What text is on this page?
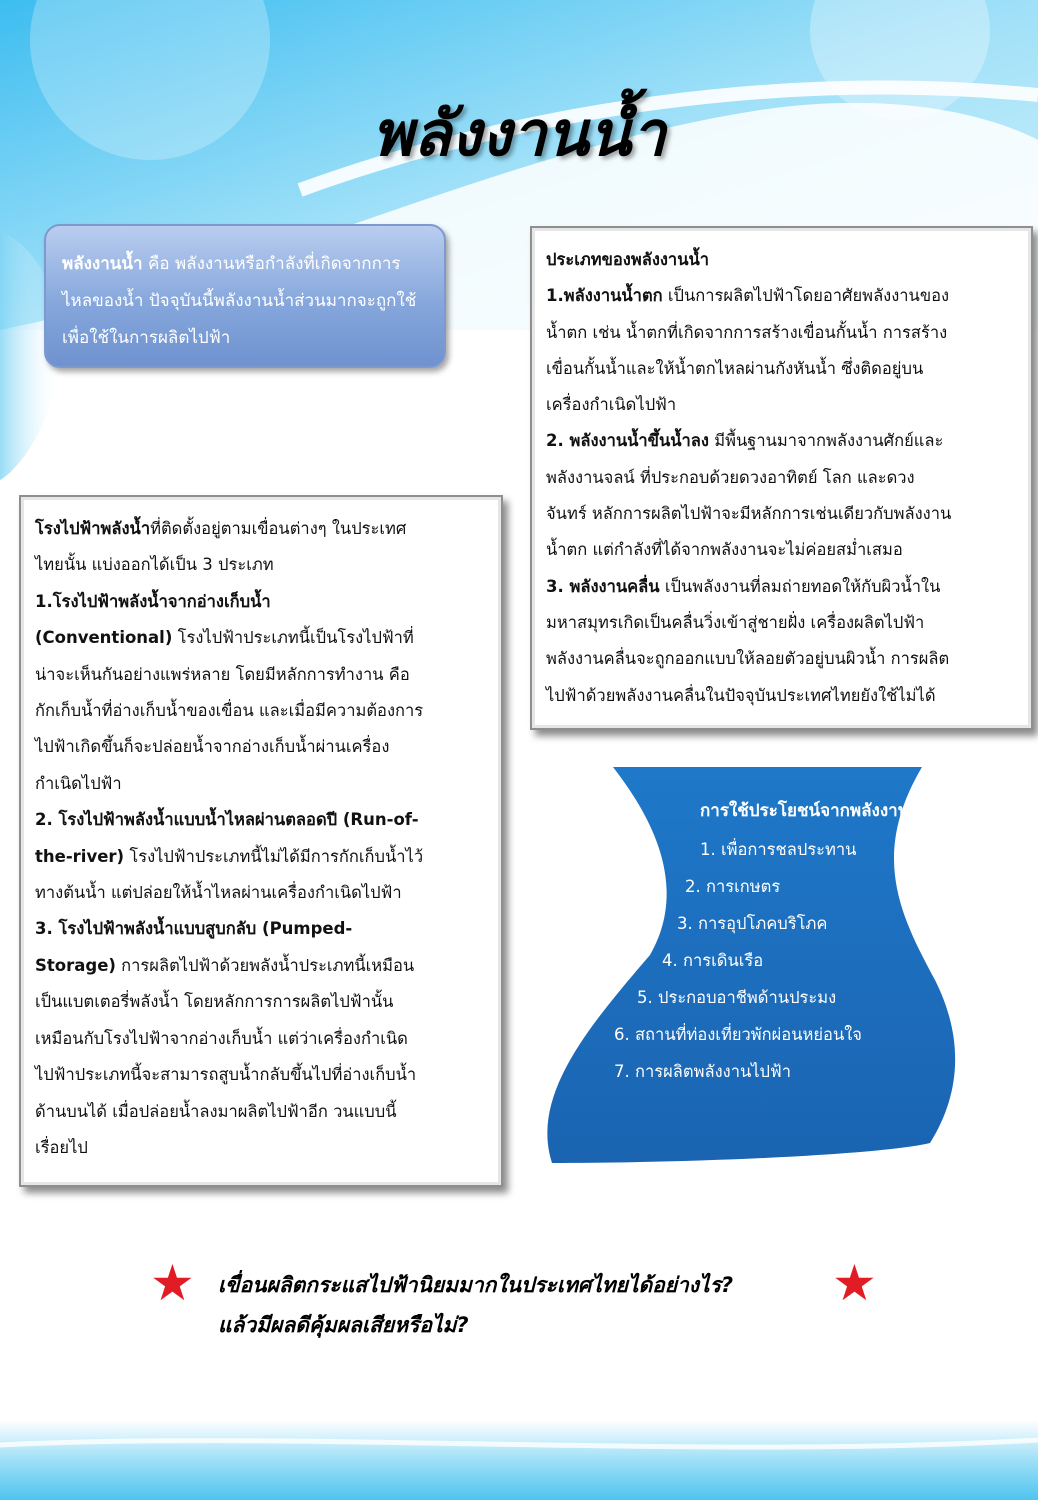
พลังงานน้ำ
พลังงานน้ำ คือ พลังงานหรือกำลังที่เกิดจากการไหลของน้ำ ปัจจุบันนี้พลังงานน้ำส่วนมากจะถูกใช้เพื่อใช้ในการผลิตไปฟ้า
ประเภทของพลังงานน้ำ
1.พลังงานน้ำตก เป็นการผลิตไปฟ้าโดยอาศัยพลังงานของ
น้ำตก เช่น น้ำตกที่เกิดจากการสร้างเขื่อนกั้นน้ำ การสร้าง
เขื่อนกั้นน้ำและให้น้ำตกไหลผ่านกังหันน้ำ ซึ่งติดอยู่บน
เครื่องกำเนิดไปฟ้า
2. พลังงานน้ำขึ้นน้ำลง มีพื้นฐานมาจากพลังงานศักย์และ
พลังงานจลน์ ที่ประกอบด้วยดวงอาทิตย์ โลก และดวง
จันทร์ หลักการผลิตไปฟ้าจะมีหลักการเช่นเดียวกับพลังงาน
น้ำตก แต่กำลังที่ได้จากพลังงานจะไม่ค่อยสม่ำเสมอ
3. พลังงานคลื่น เป็นพลังงานที่ลมถ่ายทอดให้กับผิวน้ำใน
มหาสมุทรเกิดเป็นคลื่นวิ่งเข้าสู่ชายฝั่ง เครื่องผลิตไปฟ้า
พลังงานคลื่นจะถูกออกแบบให้ลอยตัวอยู่บนผิวน้ำ การผลิต
ไปฟ้าด้วยพลังงานคลื่นในปัจจุบันประเทศไทยยังใช้ไม่ได้
โรงไปฟ้าพลังน้ำที่ติดตั้งอยู่ตามเขื่อนต่างๆ ในประเทศ
ไทยนั้น แบ่งออกได้เป็น 3 ประเภท
1.โรงไปฟ้าพลังน้ำจากอ่างเก็บน้ำ
(Conventional) โรงไปฟ้าประเภทนี้เป็นโรงไปฟ้าที่
น่าจะเห็นกันอย่างแพร่หลาย โดยมีหลักการทำงาน คือ
กักเก็บน้ำที่อ่างเก็บน้ำของเขื่อน และเมื่อมีความต้องการ
ไปฟ้าเกิดขึ้นก็จะปล่อยน้ำจากอ่างเก็บน้ำผ่านเครื่อง
กำเนิดไปฟ้า
2. โรงไปฟ้าพลังน้ำแบบน้ำไหลผ่านตลอดปี (Run-of-
the-river) โรงไปฟ้าประเภทนี้ไม่ได้มีการกักเก็บน้ำไว้
ทางต้นน้ำ แต่ปล่อยให้น้ำไหลผ่านเครื่องกำเนิดไปฟ้า
3. โรงไปฟ้าพลังน้ำแบบสูบกลับ (Pumped-
Storage) การผลิตไปฟ้าด้วยพลังน้ำประเภทนี้เหมือน
เป็นแบตเตอรี่พลังน้ำ โดยหลักการการผลิตไปฟ้านั้น
เหมือนกับโรงไปฟ้าจากอ่างเก็บน้ำ แต่ว่าเครื่องกำเนิด
ไปฟ้าประเภทนี้จะสามารถสูบน้ำกลับขึ้นไปที่อ่างเก็บน้ำ
ด้านบนได้ เมื่อปล่อยน้ำลงมาผลิตไปฟ้าอีก วนแบบนี้
เรื่อยไป
การใช้ประโยชน์จากพลังงานน้ำ
1. เพื่อการชลประทาน
2. การเกษตร
3. การอุปโภคบริโภค
4. การเดินเรือ
5. ประกอบอาชีพด้านประมง
6. สถานที่ท่องเที่ยวพักผ่อนหย่อนใจ
7. การผลิตพลังงานไปฟ้า
★	★
เขื่อนผลิตกระแสไปฟ้านิยมมากในประเทศไทยได้อย่างไร?
แล้วมีผลดีคุ้มผลเสียหรือไม่?
